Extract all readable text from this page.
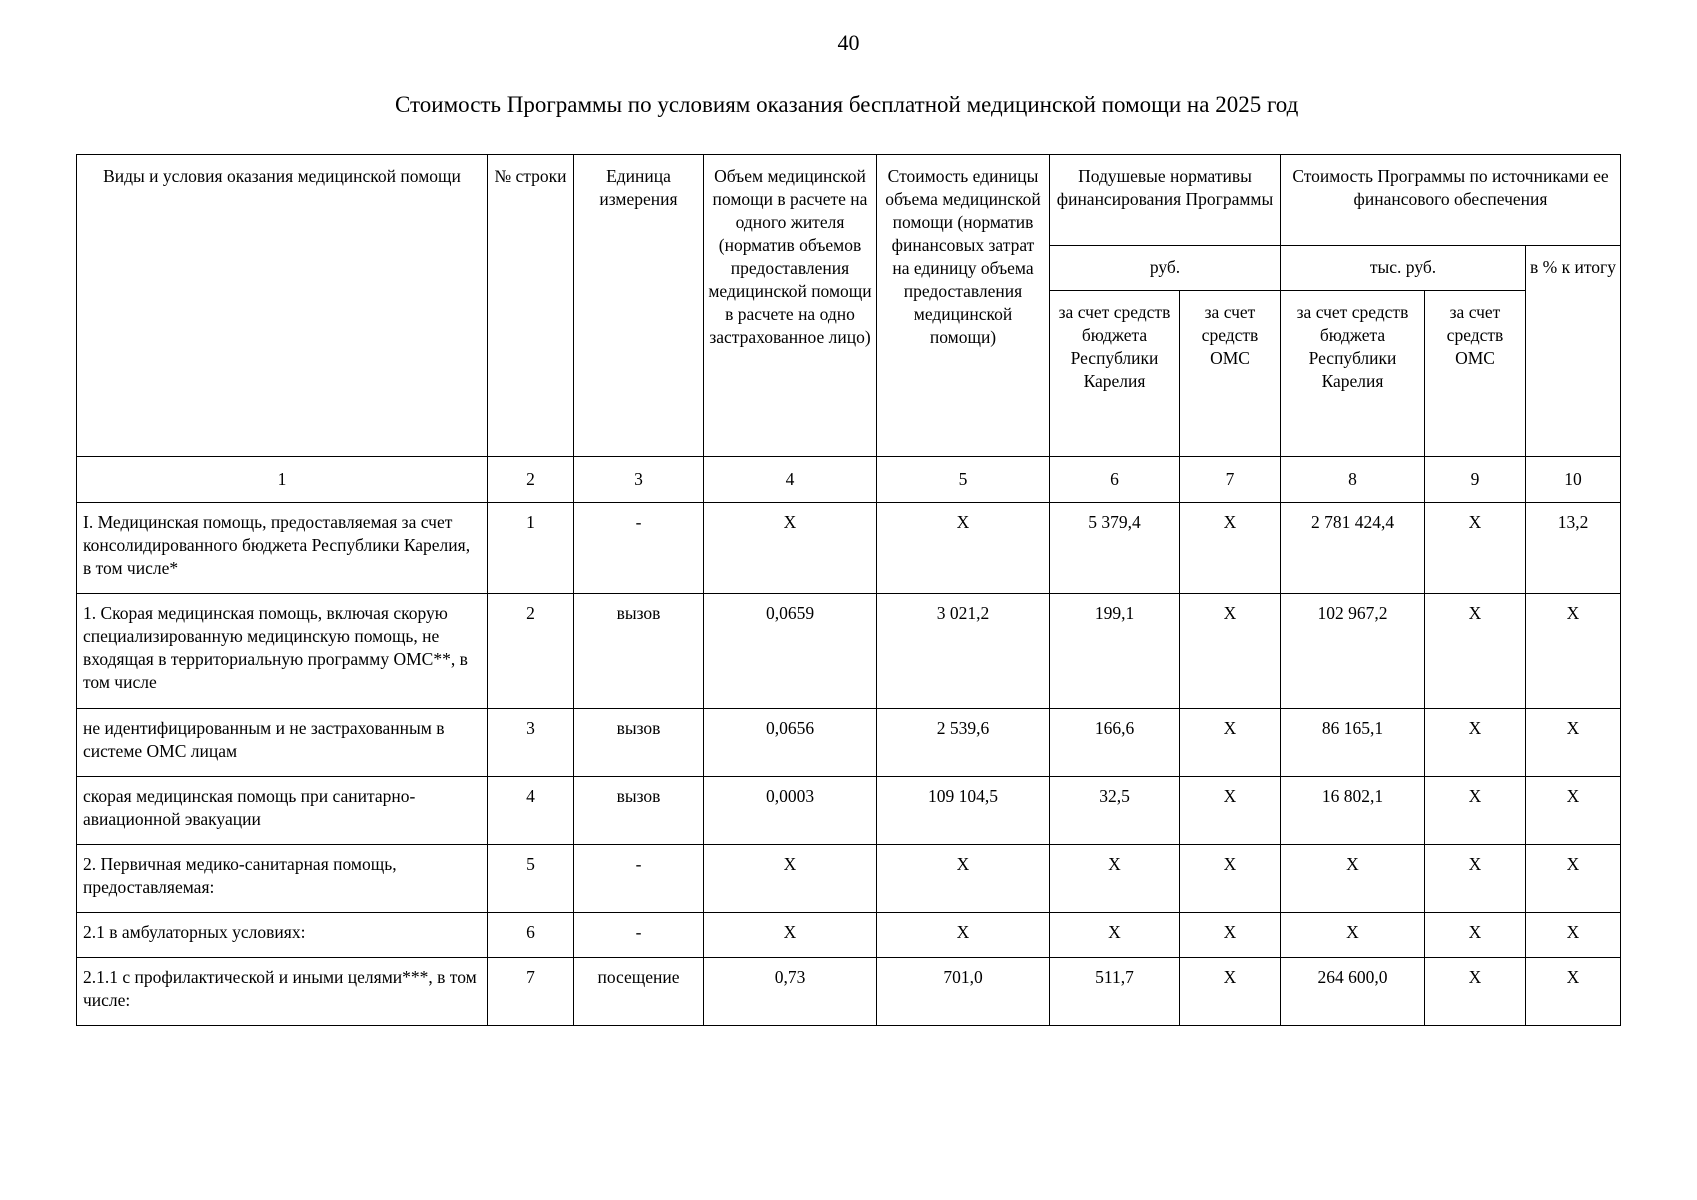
40
Стоимость Программы по условиям оказания бесплатной медицинской помощи на 2025 год
Виды и условия оказания медицинской помощи	№ строки	Единица измерения	Объем медицинской помощи в расчете на одного жителя (норматив объемов предоставления медицинской помощи в расчете на одно застрахованное лицо)	Стоимость единицы объема медицинской помощи (норматив финансовых затрат на единицу объема предоставления медицинской помощи)	Подушевые нормативы финансирования Программы		Стоимость Программы по источниками ее финансового обеспечения		
					руб.		тыс. руб.		в % к итогу
					за счет средств бюджета Республики Карелия	за счет средств ОМС	за счет средств бюджета Республики Карелия	за счет средств ОМС	
1	2	3	4	5	6	7	8	9	10
I. Медицинская помощь, предоставляемая за счет консолидированного бюджета Республики Карелия, в том числе*	1	-	X	X	5 379,4	X	2 781 424,4	X	13,2
1. Скорая медицинская помощь, включая скорую специализированную медицинскую помощь, не входящая в территориальную программу ОМС**, в том числе	2	вызов	0,0659	3 021,2	199,1	X	102 967,2	X	X
не идентифицированным и не застрахованным в системе ОМС лицам	3	вызов	0,0656	2 539,6	166,6	X	86 165,1	X	X
скорая медицинская помощь при санитарно-авиационной эвакуации	4	вызов	0,0003	109 104,5	32,5	X	16 802,1	X	X
2. Первичная медико-санитарная помощь, предоставляемая:	5	-	X	X	X	X	X	X	X
2.1 в амбулаторных условиях:	6	-	X	X	X	X	X	X	X
2.1.1 с профилактической и иными целями***, в том числе:	7	посещение	0,73	701,0	511,7	X	264 600,0	X	X
